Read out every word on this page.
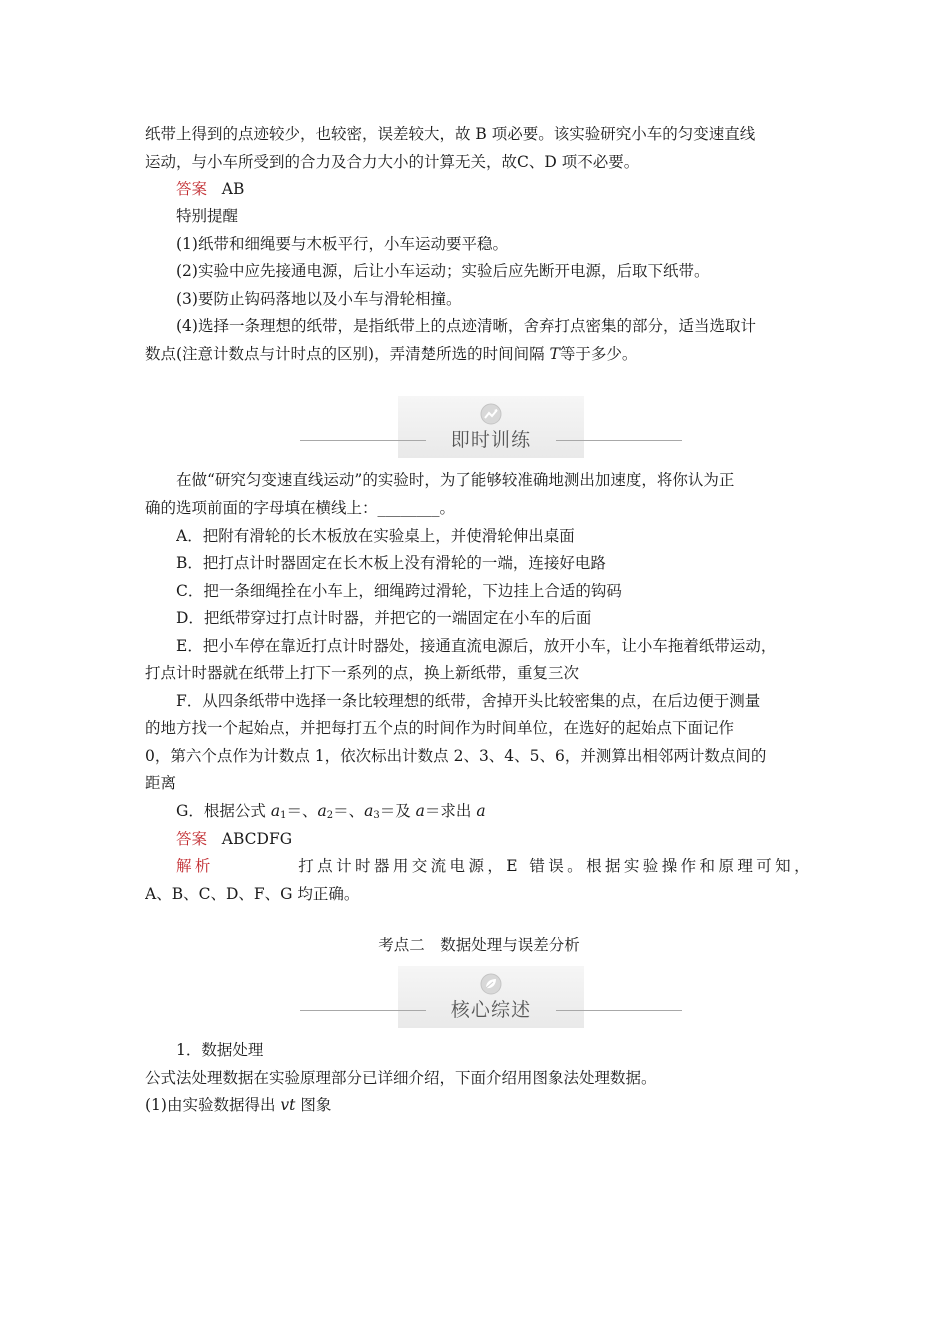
纸带上得到的点迹较少，也较密，误差较大，故 B 项必要。该实验研究小车的匀变速直线
运动，与小车所受到的合力及合力大小的计算无关，故C、D 项不必要。
答案 AB
特别提醒
(1)纸带和细绳要与木板平行，小车运动要平稳。
(2)实验中应先接通电源，后让小车运动；实验后应先断开电源，后取下纸带。
(3)要防止钩码落地以及小车与滑轮相撞。
(4)选择一条理想的纸带，是指纸带上的点迹清晰，舍弃打点密集的部分，适当选取计
数点(注意计数点与计时点的区别)，弄清楚所选的时间间隔 T等于多少。
即时训练
在做“研究匀变速直线运动”的实验时，为了能够较准确地测出加速度，将你认为正
确的选项前面的字母填在横线上：________。
A．把附有滑轮的长木板放在实验桌上，并使滑轮伸出桌面
B．把打点计时器固定在长木板上没有滑轮的一端，连接好电路
C．把一条细绳拴在小车上，细绳跨过滑轮，下边挂上合适的钩码
D．把纸带穿过打点计时器，并把它的一端固定在小车的后面
E．把小车停在靠近打点计时器处，接通直流电源后，放开小车，让小车拖着纸带运动，
打点计时器就在纸带上打下一系列的点，换上新纸带，重复三次
F．从四条纸带中选择一条比较理想的纸带，舍掉开头比较密集的点，在后边便于测量
的地方找一个起始点，并把每打五个点的时间作为时间单位，在选好的起始点下面记作
0，第六个点作为计数点 1，依次标出计数点 2、3、4、5、6，并测算出相邻两计数点间的
距离
G．根据公式 $a_1=$、$a_2=$、$a_3=$及 a＝求出 a
答案 ABCDFG
解析	打点计时器用交流电源，E 错误。根据实验操作和原理可知，
A、B、C、D、F、G 均正确。
考点二　数据处理与误差分析
核心综述
1．数据处理
公式法处理数据在实验原理部分已详细介绍，下面介绍用图象法处理数据。
(1)由实验数据得出 vt 图象
